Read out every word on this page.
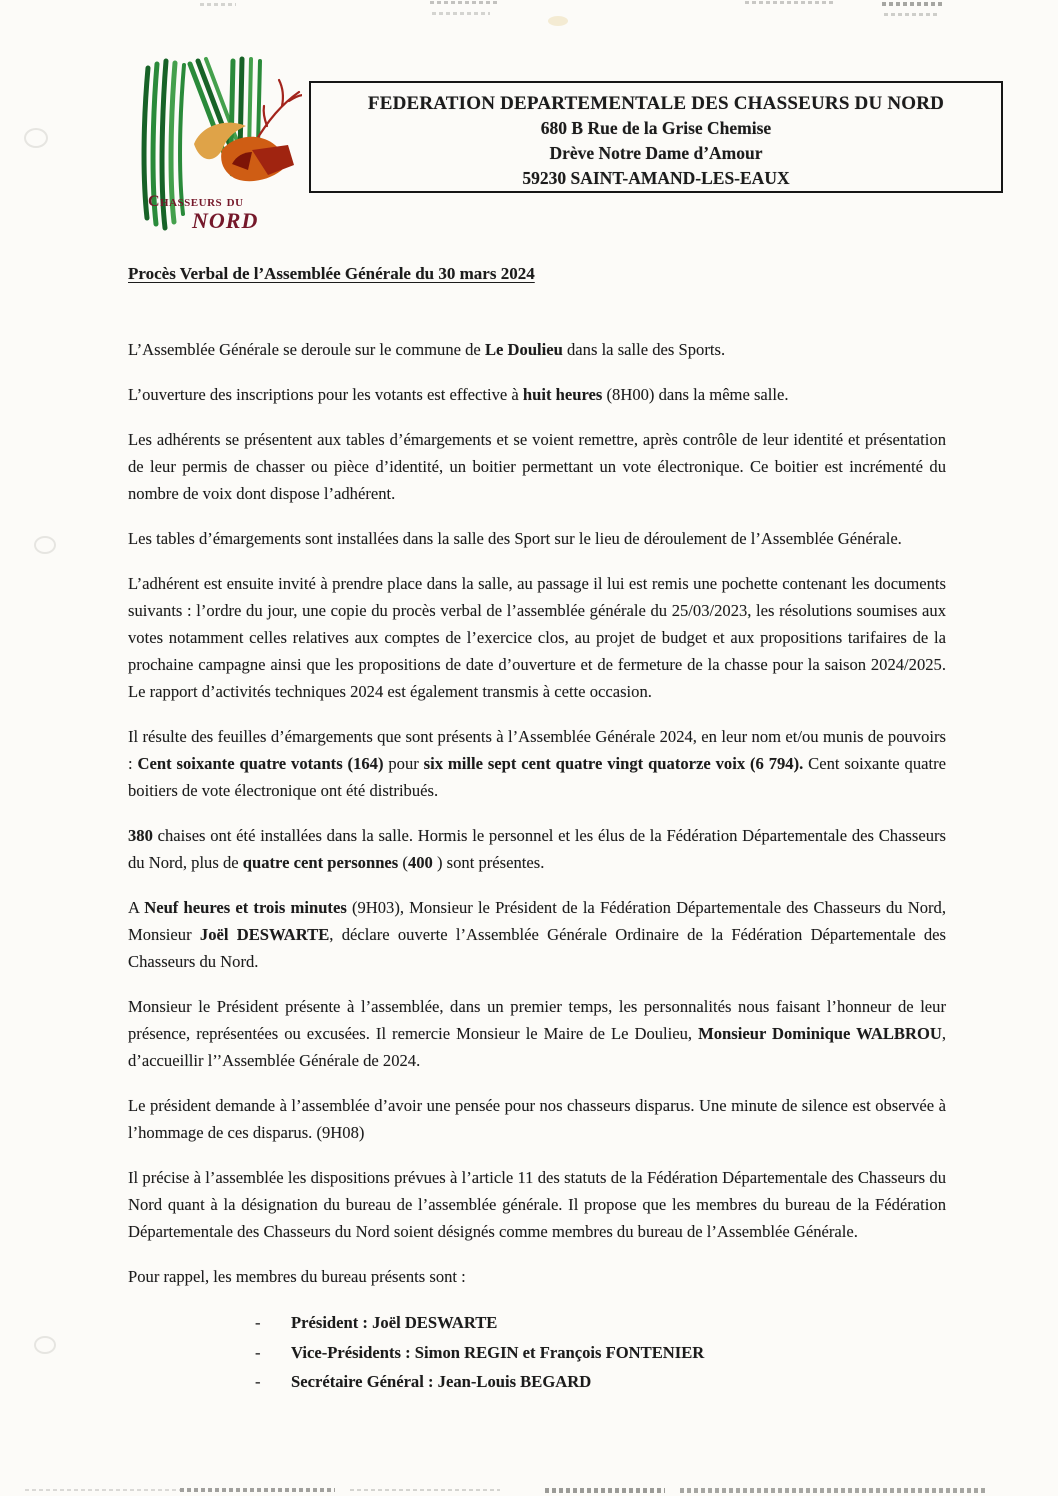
Chasseurs du
NORD
FEDERATION DEPARTEMENTALE DES CHASSEURS DU NORD
680 B Rue de la Grise Chemise
Drève Notre Dame d’Amour
59230 SAINT-AMAND-LES-EAUX

Procès Verbal de l’Assemblée Générale du 30 mars 2024

L’Assemblée Générale se deroule sur le commune de Le Doulieu dans la salle des Sports.

L’ouverture des inscriptions pour les votants est effective à huit heures (8H00) dans la même salle.

Les adhérents se présentent aux tables d’émargements et se voient remettre, après contrôle de leur identité et présentation de leur permis de chasser ou pièce d’identité, un boitier permettant un vote électronique. Ce boitier est incrémenté du nombre de voix dont dispose l’adhérent.

Les tables d’émargements sont installées dans la salle des Sport sur le lieu de déroulement de l’Assemblée Générale.

L’adhérent est ensuite invité à prendre place dans la salle, au passage il lui est remis une pochette contenant les documents suivants : l’ordre du jour, une copie du procès verbal de l’assemblée générale du 25/03/2023, les résolutions soumises aux votes notamment celles relatives aux comptes de l’exercice clos, au projet de budget et aux propositions tarifaires de la prochaine campagne ainsi que les propositions de date d’ouverture et de fermeture de la chasse pour la saison 2024/2025. Le rapport d’activités techniques 2024 est également transmis à cette occasion.

Il résulte des feuilles d’émargements que sont présents à l’Assemblée Générale 2024, en leur nom et/ou munis de pouvoirs : Cent soixante quatre votants (164) pour six mille sept cent quatre vingt quatorze voix (6 794). Cent soixante quatre boitiers de vote électronique ont été distribués.

380 chaises ont été installées dans la salle. Hormis le personnel et les élus de la Fédération Départementale des Chasseurs du Nord, plus de quatre cent personnes (400 ) sont présentes.

A Neuf heures et trois minutes (9H03), Monsieur le Président de la Fédération Départementale des Chasseurs du Nord, Monsieur Joël DESWARTE, déclare ouverte l’Assemblée Générale Ordinaire de la Fédération Départementale des Chasseurs du Nord.

Monsieur le Président présente à l’assemblée, dans un premier temps, les personnalités nous faisant l’honneur de leur présence, représentées ou excusées. Il remercie Monsieur le Maire de Le Doulieu, Monsieur Dominique WALBROU, d’accueillir l’’Assemblée Générale de 2024.

Le président demande à l’assemblée d’avoir une pensée pour nos chasseurs disparus. Une minute de silence est observée à l’hommage de ces disparus. (9H08)

Il précise à l’assemblée les dispositions prévues à l’article 11 des statuts de la Fédération Départementale des Chasseurs du Nord quant à la désignation du bureau de l’assemblée générale. Il propose que les membres du bureau de la Fédération Départementale des Chasseurs du Nord soient désignés comme membres du bureau de l’Assemblée Générale.

Pour rappel, les membres du bureau présents sont :

-	Président : Joël DESWARTE
-	Vice-Présidents : Simon REGIN et François FONTENIER
-	Secrétaire Général : Jean-Louis BEGARD
